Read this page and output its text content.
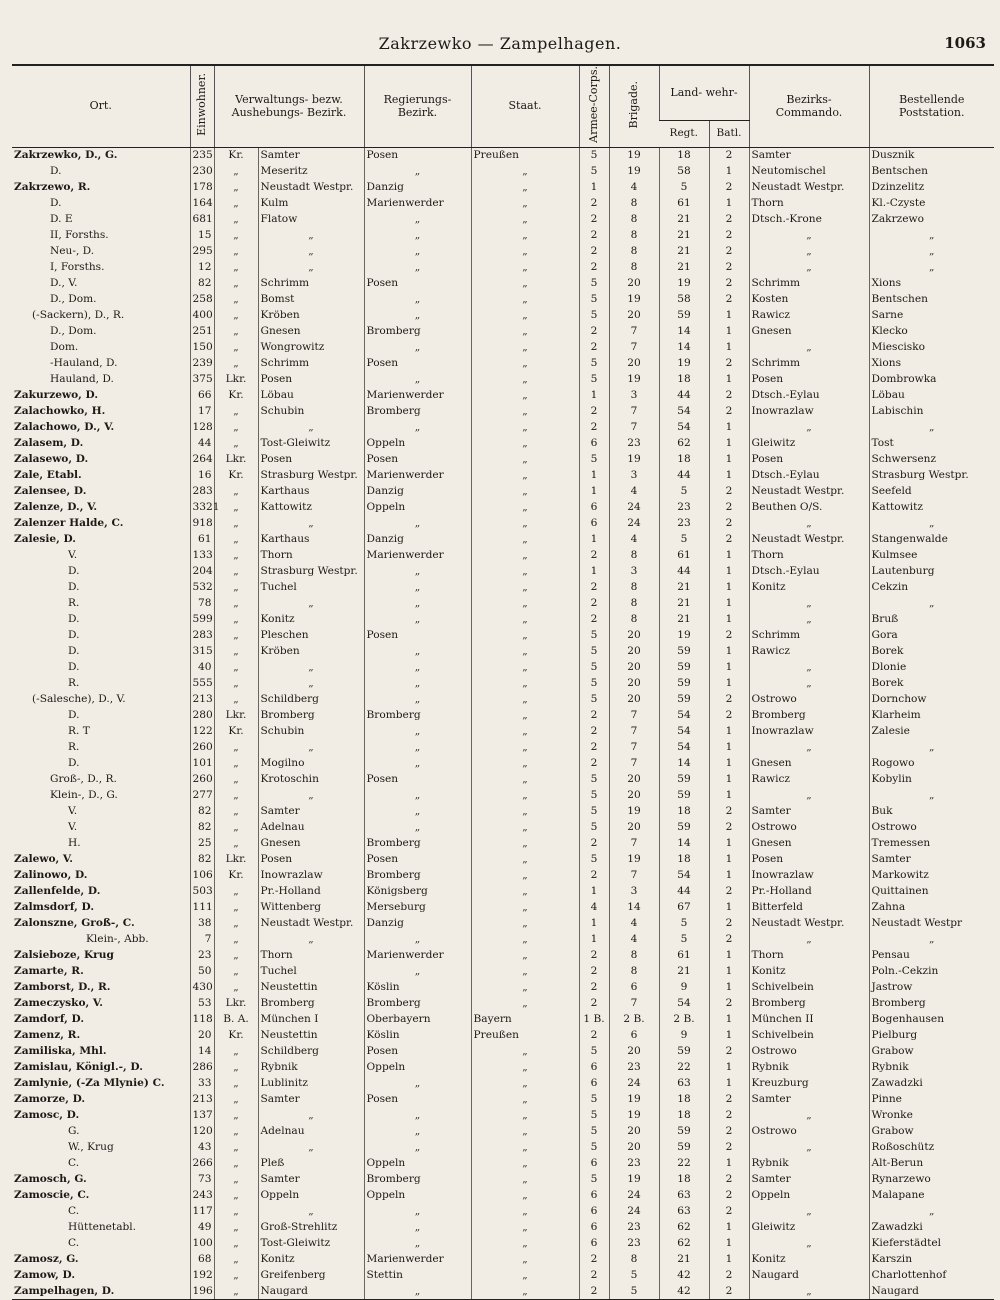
Zakrzewko — Zampelhagen.	1063
Ort.	Einwohner.	Verwaltungs- bezw. Aushebungs- Bezirk.		Regierungs- Bezirk.	Staat.	Armee-Corps.	Brigade.	Land- wehr-		Bezirks- Commando.	Bestellende Poststation.
								Regt.	Batl.		
Zakrzewko, D., G.	235	Kr.	Samter	Posen	Preußen	5	19	18	2	Samter	Dusznik
D.	230	„	Meseritz	„	„	5	19	58	1	Neutomischel	Bentschen
Zakrzewo, R.	178	„	Neustadt Westpr.	Danzig	„	1	4	5	2	Neustadt Westpr.	Dzinzelitz
D.	164	„	Kulm	Marienwerder	„	2	8	61	1	Thorn	Kl.-Czyste
D. E	681	„	Flatow	„	„	2	8	21	2	Dtsch.-Krone	Zakrzewo
II, Forsths.	15	„	„	„	„	2	8	21	2	„	„
Neu-, D.	295	„	„	„	„	2	8	21	2	„	„
I, Forsths.	12	„	„	„	„	2	8	21	2	„	„
D., V.	82	„	Schrimm	Posen	„	5	20	19	2	Schrimm	Xions
D., Dom.	258	„	Bomst	„	„	5	19	58	2	Kosten	Bentschen
(-Sackern), D., R.	400	„	Kröben	„	„	5	20	59	1	Rawicz	Sarne
D., Dom.	251	„	Gnesen	Bromberg	„	2	7	14	1	Gnesen	Klecko
Dom.	150	„	Wongrowitz	„	„	2	7	14	1	„	Miescisko
-Hauland, D.	239	„	Schrimm	Posen	„	5	20	19	2	Schrimm	Xions
Hauland, D.	375	Lkr.	Posen	„	„	5	19	18	1	Posen	Dombrowka
Zakurzewo, D.	66	Kr.	Löbau	Marienwerder	„	1	3	44	2	Dtsch.-Eylau	Löbau
Zalachowko, H.	17	„	Schubin	Bromberg	„	2	7	54	2	Inowrazlaw	Labischin
Zalachowo, D., V.	128	„	„	„	„	2	7	54	1	„	„
Zalasem, D.	44	„	Tost-Gleiwitz	Oppeln	„	6	23	62	1	Gleiwitz	Tost
Zalasewo, D.	264	Lkr.	Posen	Posen	„	5	19	18	1	Posen	Schwersenz
Zale, Etabl.	16	Kr.	Strasburg Westpr.	Marienwerder	„	1	3	44	1	Dtsch.-Eylau	Strasburg Westpr.
Zalensee, D.	283	„	Karthaus	Danzig	„	1	4	5	2	Neustadt Westpr.	Seefeld
Zalenze, D., V.	3321	„	Kattowitz	Oppeln	„	6	24	23	2	Beuthen O/S.	Kattowitz
Zalenzer Halde, C.	918	„	„	„	„	6	24	23	2	„	„
Zalesie, D.	61	„	Karthaus	Danzig	„	1	4	5	2	Neustadt Westpr.	Stangenwalde
V.	133	„	Thorn	Marienwerder	„	2	8	61	1	Thorn	Kulmsee
D.	204	„	Strasburg Westpr.	„	„	1	3	44	1	Dtsch.-Eylau	Lautenburg
D.	532	„	Tuchel	„	„	2	8	21	1	Konitz	Cekzin
R.	78	„	„	„	„	2	8	21	1	„	„
D.	599	„	Konitz	„	„	2	8	21	1	„	Bruß
D.	283	„	Pleschen	Posen	„	5	20	19	2	Schrimm	Gora
D.	315	„	Kröben	„	„	5	20	59	1	Rawicz	Borek
D.	40	„	„	„	„	5	20	59	1	„	Dlonie
R.	555	„	„	„	„	5	20	59	1	„	Borek
(-Salesche), D., V.	213	„	Schildberg	„	„	5	20	59	2	Ostrowo	Dornchow
D.	280	Lkr.	Bromberg	Bromberg	„	2	7	54	2	Bromberg	Klarheim
R. T	122	Kr.	Schubin	„	„	2	7	54	1	Inowrazlaw	Zalesie
R.	260	„	„	„	„	2	7	54	1	„	„
D.	101	„	Mogilno	„	„	2	7	14	1	Gnesen	Rogowo
Groß-, D., R.	260	„	Krotoschin	Posen	„	5	20	59	1	Rawicz	Kobylin
Klein-, D., G.	277	„	„	„	„	5	20	59	1	„	„
V.	82	„	Samter	„	„	5	19	18	2	Samter	Buk
V.	82	„	Adelnau	„	„	5	20	59	2	Ostrowo	Ostrowo
H.	25	„	Gnesen	Bromberg	„	2	7	14	1	Gnesen	Tremessen
Zalewo, V.	82	Lkr.	Posen	Posen	„	5	19	18	1	Posen	Samter
Zalinowo, D.	106	Kr.	Inowrazlaw	Bromberg	„	2	7	54	1	Inowrazlaw	Markowitz
Zallenfelde, D.	503	„	Pr.-Holland	Königsberg	„	1	3	44	2	Pr.-Holland	Quittainen
Zalmsdorf, D.	111	„	Wittenberg	Merseburg	„	4	14	67	1	Bitterfeld	Zahna
Zalonszne, Groß-, C.	38	„	Neustadt Westpr.	Danzig	„	1	4	5	2	Neustadt Westpr.	Neustadt Westpr
Klein-, Abb.	7	„	„	„	„	1	4	5	2	„	„
Zalsieboze, Krug	23	„	Thorn	Marienwerder	„	2	8	61	1	Thorn	Pensau
Zamarte, R.	50	„	Tuchel	„	„	2	8	21	1	Konitz	Poln.-Cekzin
Zamborst, D., R.	430	„	Neustettin	Köslin	„	2	6	9	1	Schivelbein	Jastrow
Zameczysko, V.	53	Lkr.	Bromberg	Bromberg	„	2	7	54	2	Bromberg	Bromberg
Zamdorf, D.	118	B. A.	München I	Oberbayern	Bayern	1 B.	2 B.	2 B.	1	München II	Bogenhausen
Zamenz, R.	20	Kr.	Neustettin	Köslin	Preußen	2	6	9	1	Schivelbein	Pielburg
Zamiliska, Mhl.	14	„	Schildberg	Posen	„	5	20	59	2	Ostrowo	Grabow
Zamislau, Königl.-, D.	286	„	Rybnik	Oppeln	„	6	23	22	1	Rybnik	Rybnik
Zamlynie, (-Za Mlynie) C.	33	„	Lublinitz	„	„	6	24	63	1	Kreuzburg	Zawadzki
Zamorze, D.	213	„	Samter	Posen	„	5	19	18	2	Samter	Pinne
Zamosc, D.	137	„	„	„	„	5	19	18	2	„	Wronke
G.	120	„	Adelnau	„	„	5	20	59	2	Ostrowo	Grabow
W., Krug	43	„	„	„	„	5	20	59	2	„	Roßoschütz
C.	266	„	Pleß	Oppeln	„	6	23	22	1	Rybnik	Alt-Berun
Zamosch, G.	73	„	Samter	Bromberg	„	5	19	18	2	Samter	Rynarzewo
Zamoscie, C.	243	„	Oppeln	Oppeln	„	6	24	63	2	Oppeln	Malapane
C.	117	„	„	„	„	6	24	63	2	„	„
Hüttenetabl.	49	„	Groß-Strehlitz	„	„	6	23	62	1	Gleiwitz	Zawadzki
C.	100	„	Tost-Gleiwitz	„	„	6	23	62	1	„	Kieferstädtel
Zamosz, G.	68	„	Konitz	Marienwerder	„	2	8	21	1	Konitz	Karszin
Zamow, D.	192	„	Greifenberg	Stettin	„	2	5	42	2	Naugard	Charlottenhof
Zampelhagen, D.	196	„	Naugard	„	„	2	5	42	2	„	Naugard
